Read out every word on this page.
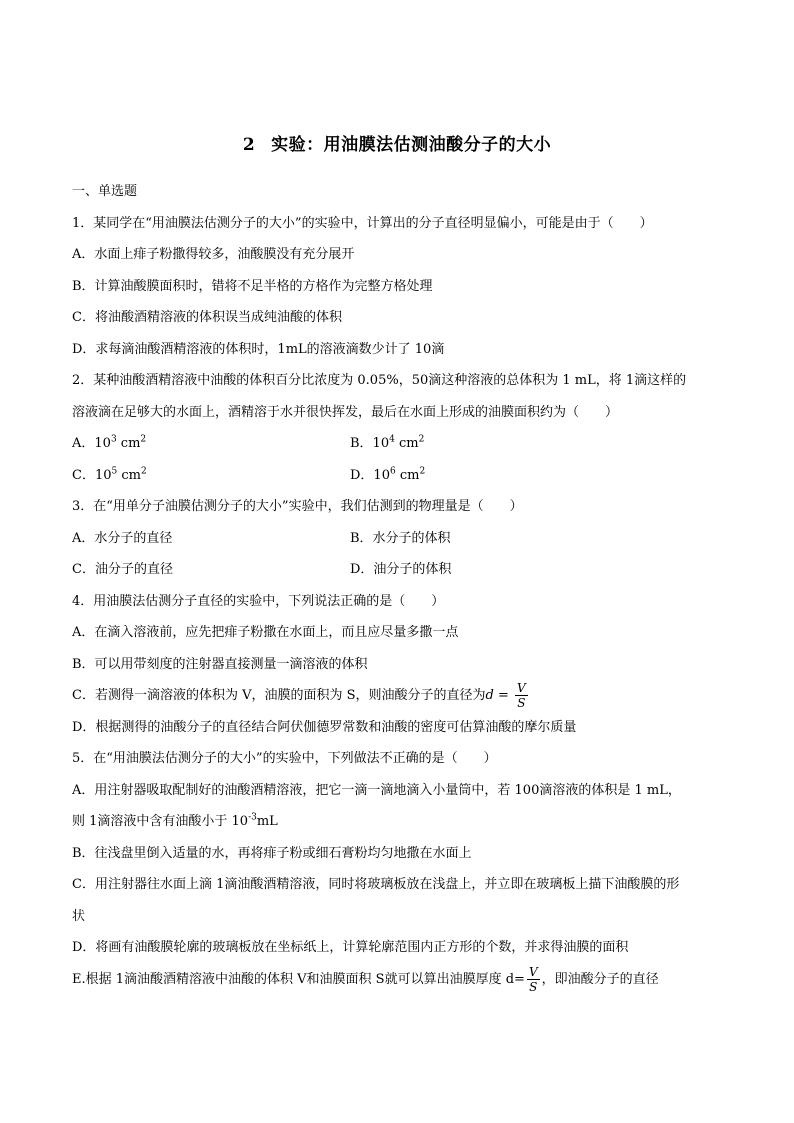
2 实验：用油膜法估测油酸分子的大小
一、单选题
1．某同学在“用油膜法估测分子的大小”的实验中，计算出的分子直径明显偏小，可能是由于（　　）
A．水面上痱子粉撒得较多，油酸膜没有充分展开
B．计算油酸膜面积时，错将不足半格的方格作为完整方格处理
C．将油酸酒精溶液的体积误当成纯油酸的体积
D．求每滴油酸酒精溶液的体积时，1mL的溶液滴数少计了 10滴
2．某种油酸酒精溶液中油酸的体积百分比浓度为 0.05%，50滴这种溶液的总体积为 1 mL，将 1滴这样的
溶液滴在足够大的水面上，酒精溶于水并很快挥发，最后在水面上形成的油膜面积约为（　　）
A．$10^3$ $cm^2$	B．$10^4$ $cm^2$
C．$10^5$ $cm^2$	D．$10^6$ $cm^2$
3．在“用单分子油膜估测分子的大小”实验中，我们估测到的物理量是（　　）
A．水分子的直径	B．水分子的体积
C．油分子的直径	D．油分子的体积
4．用油膜法估测分子直径的实验中，下列说法正确的是（　　）
A．在滴入溶液前，应先把痱子粉撒在水面上，而且应尽量多撒一点
B．可以用带刻度的注射器直接测量一滴溶液的体积
C．若测得一滴溶液的体积为 V，油膜的面积为 S，则油酸分子的直径为$d = \frac{V}{S}$
D．根据测得的油酸分子的直径结合阿伏伽德罗常数和油酸的密度可估算油酸的摩尔质量
5．在“用油膜法估测分子的大小”的实验中，下列做法不正确的是（　　）
A．用注射器吸取配制好的油酸酒精溶液，把它一滴一滴地滴入小量筒中，若 100滴溶液的体积是 1 mL，
则 1滴溶液中含有油酸小于 $10^{-3}mL$
B．往浅盘里倒入适量的水，再将痱子粉或细石膏粉均匀地撒在水面上
C．用注射器往水面上滴 1滴油酸酒精溶液，同时将玻璃板放在浅盘上，并立即在玻璃板上描下油酸膜的形
状
D．将画有油酸膜轮廓的玻璃板放在坐标纸上，计算轮廓范围内正方形的个数，并求得油膜的面积
E.根据 1滴油酸酒精溶液中油酸的体积 V和油膜面积 S就可以算出油膜厚度 $d= \frac{V}{S}$ ，即油酸分子的直径
